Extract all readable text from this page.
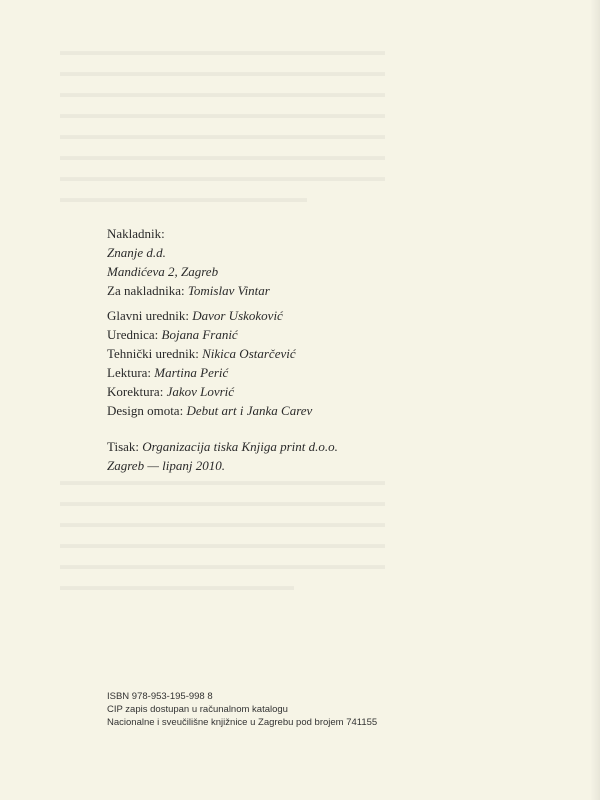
▬▬▬▬▬▬▬▬▬▬▬▬▬▬▬▬▬▬▬▬▬▬▬▬▬
▬▬▬▬▬▬▬▬▬▬▬▬▬▬▬▬▬▬▬▬▬▬▬▬▬
▬▬▬▬▬▬▬▬▬▬▬▬▬▬▬▬▬▬▬▬▬▬▬▬▬
▬▬▬▬▬▬▬▬▬▬▬▬▬▬▬▬▬▬▬▬▬▬▬▬▬
▬▬▬▬▬▬▬▬▬▬▬▬▬▬▬▬▬▬▬▬▬▬▬▬▬
▬▬▬▬▬▬▬▬▬▬▬▬▬▬▬▬▬▬▬▬▬▬▬▬▬
▬▬▬▬▬▬▬▬▬▬▬▬▬▬▬▬▬▬▬▬▬▬▬▬▬
▬▬▬▬▬▬▬▬▬▬▬▬▬▬▬▬▬▬▬
▬▬▬▬▬▬▬▬▬▬▬▬▬▬▬▬▬▬▬▬▬▬▬▬▬
▬▬▬▬▬▬▬▬▬▬▬▬▬▬▬▬▬▬▬▬▬▬▬▬▬
▬▬▬▬▬▬▬▬▬▬▬▬▬▬▬▬▬▬▬▬▬▬▬▬▬
▬▬▬▬▬▬▬▬▬▬▬▬▬▬▬▬▬▬▬▬▬▬▬▬▬
▬▬▬▬▬▬▬▬▬▬▬▬▬▬▬▬▬▬▬▬▬▬▬▬▬
▬▬▬▬▬▬▬▬▬▬▬▬▬▬▬▬▬▬
Nakladnik:
Znanje d.d.
Mandićeva 2, Zagreb
Za nakladnika: Tomislav Vintar
Glavni urednik: Davor Uskoković
Urednica: Bojana Franić
Tehnički urednik: Nikica Ostarčević
Lektura: Martina Perić
Korektura: Jakov Lovrić
Design omota: Debut art i Janka Carev
Tisak: Organizacija tiska Knjiga print d.o.o.
Zagreb — lipanj 2010.
ISBN 978-953-195-998 8
CIP zapis dostupan u računalnom katalogu
Nacionalne i sveučilišne knjižnice u Zagrebu pod brojem 741155
